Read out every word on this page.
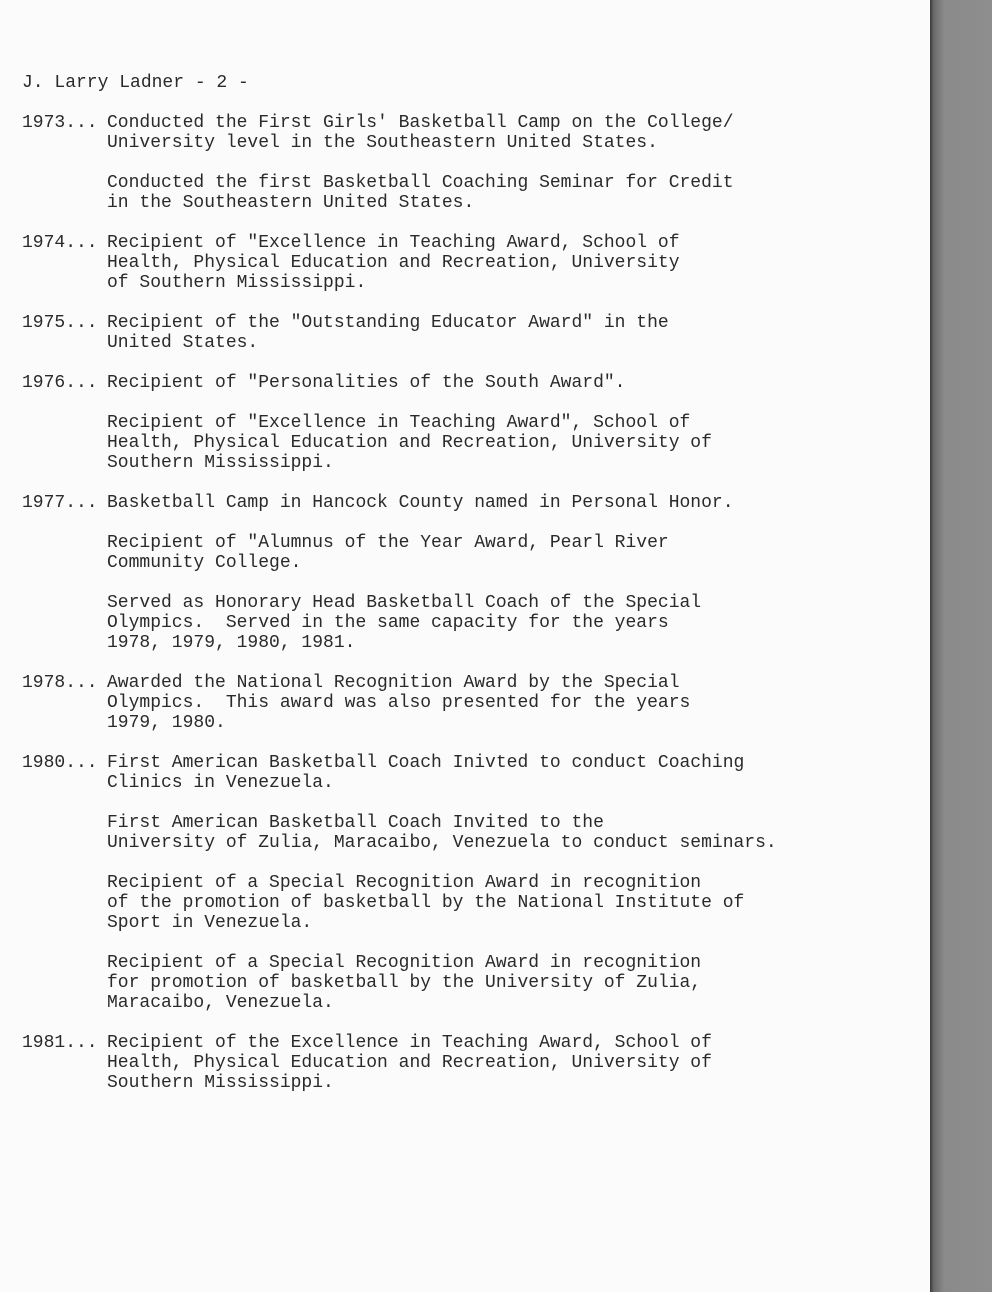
J. Larry Ladner - 2 -
1973... Conducted the First Girls' Basketball Camp on the College/
University level in the Southeastern United States.
Conducted the first Basketball Coaching Seminar for Credit
in the Southeastern United States.
1974... Recipient of "Excellence in Teaching Award, School of
Health, Physical Education and Recreation, University
of Southern Mississippi.
1975... Recipient of the "Outstanding Educator Award" in the
United States.
1976... Recipient of "Personalities of the South Award".
Recipient of "Excellence in Teaching Award", School of
Health, Physical Education and Recreation, University of
Southern Mississippi.
1977... Basketball Camp in Hancock County named in Personal Honor.
Recipient of "Alumnus of the Year Award, Pearl River
Community College.
Served as Honorary Head Basketball Coach of the Special
Olympics.  Served in the same capacity for the years
1978, 1979, 1980, 1981.
1978... Awarded the National Recognition Award by the Special
Olympics.  This award was also presented for the years
1979, 1980.
1980... First American Basketball Coach Inivted to conduct Coaching
Clinics in Venezuela.
First American Basketball Coach Invited to the
University of Zulia, Maracaibo, Venezuela to conduct seminars.
Recipient of a Special Recognition Award in recognition
of the promotion of basketball by the National Institute of
Sport in Venezuela.
Recipient of a Special Recognition Award in recognition
for promotion of basketball by the University of Zulia,
Maracaibo, Venezuela.
1981... Recipient of the Excellence in Teaching Award, School of
Health, Physical Education and Recreation, University of
Southern Mississippi.
